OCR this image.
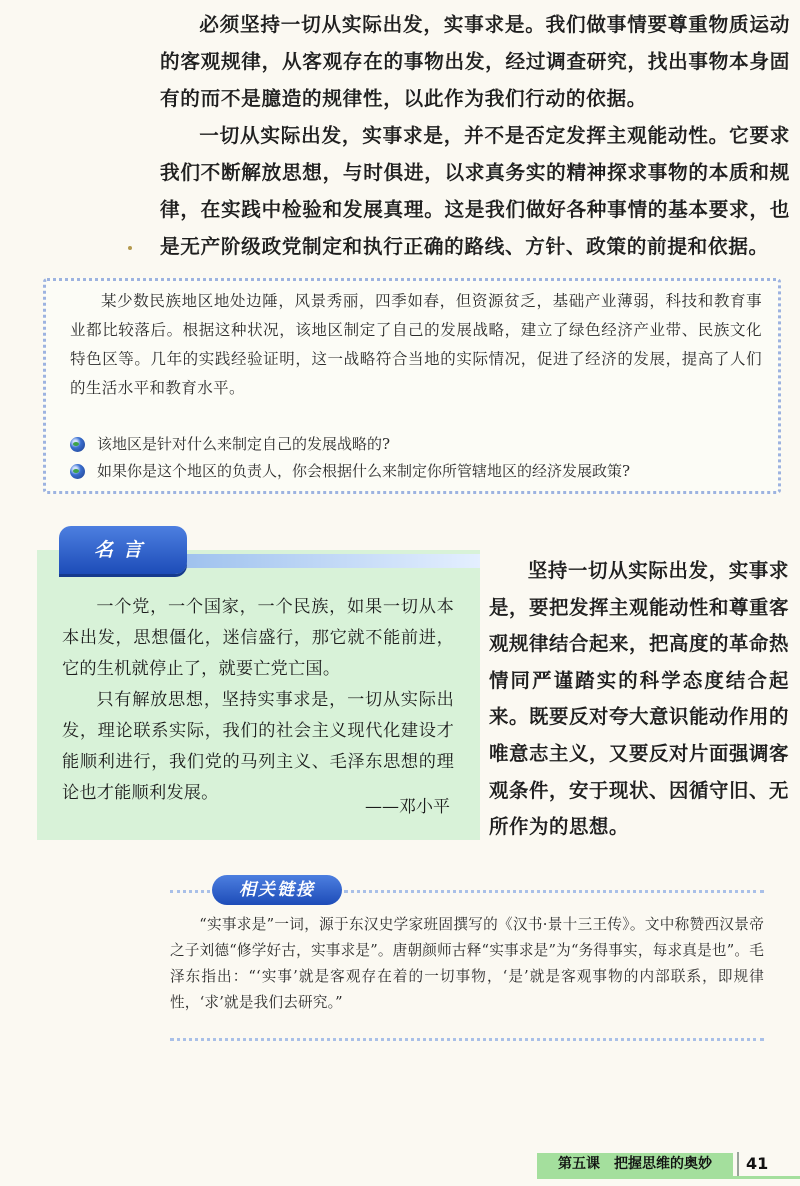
必须坚持一切从实际出发，实事求是。我们做事情要尊重物质运动的客观规律，从客观存在的事物出发，经过调查研究，找出事物本身固有的而不是臆造的规律性，以此作为我们行动的依据。

一切从实际出发，实事求是，并不是否定发挥主观能动性。它要求我们不断解放思想，与时俱进，以求真务实的精神探求事物的本质和规律，在实践中检验和发展真理。这是我们做好各种事情的基本要求，也是无产阶级政党制定和执行正确的路线、方针、政策的前提和依据。

某少数民族地区地处边陲，风景秀丽，四季如春，但资源贫乏，基础产业薄弱，科技和教育事业都比较落后。根据这种状况，该地区制定了自己的发展战略，建立了绿色经济产业带、民族文化特色区等。几年的实践经验证明，这一战略符合当地的实际情况，促进了经济的发展，提高了人们的生活水平和教育水平。

该地区是针对什么来制定自己的发展战略的?
如果你是这个地区的负责人，你会根据什么来制定你所管辖地区的经济发展政策?
名言

一个党，一个国家，一个民族，如果一切从本本出发，思想僵化，迷信盛行，那它就不能前进，它的生机就停止了，就要亡党亡国。

只有解放思想，坚持实事求是，一切从实际出发，理论联系实际，我们的社会主义现代化建设才能顺利进行，我们党的马列主义、毛泽东思想的理论也才能顺利发展。

——邓小平

坚持一切从实际出发，实事求是，要把发挥主观能动性和尊重客观规律结合起来，把高度的革命热情同严谨踏实的科学态度结合起来。既要反对夸大意识能动作用的唯意志主义，又要反对片面强调客观条件，安于现状、因循守旧、无所作为的思想。

相关链接

“实事求是”一词，源于东汉史学家班固撰写的《汉书·景十三王传》。文中称赞西汉景帝之子刘德“修学好古，实事求是”。唐朝颜师古释“实事求是”为“务得事实，每求真是也”。毛泽东指出：“‘实事’就是客观存在着的一切事物，‘是’就是客观事物的内部联系，即规律性，‘求’就是我们去研究。”

第五课　把握思维的奥妙	41
